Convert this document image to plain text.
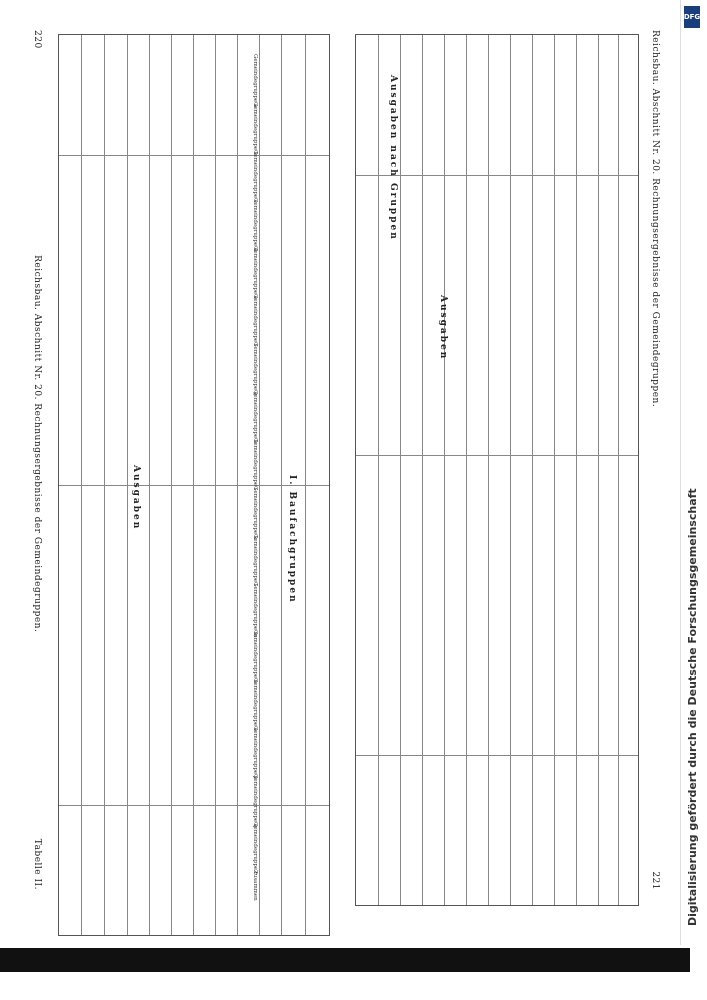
220
Reichsbau. Abschnitt Nr. 20. Rechnungsergebnisse der Gemeindegruppen.
Tabelle II.
Ausgaben	I. Baufachgruppen
Gemeindegruppe a
Gemeindegruppe b
Gemeindegruppe c
Gemeindegruppe d
Gemeindegruppe e
Gemeindegruppe f
Gemeindegruppe g
Gemeindegruppe h
Gemeindegruppe i
Gemeindegruppe k
Gemeindegruppe l
Gemeindegruppe m
Gemeindegruppe n
Gemeindegruppe o
Gemeindegruppe p
Gemeindegruppe q
Gemeindegruppe r
Zusammen
Reichsbau. Abschnitt Nr. 20. Rechnungsergebnisse der Gemeindegruppen.
221
Ausgaben
Ausgaben nach Gruppen
DFG
Digitalisierung gefördert durch die Deutsche Forschungsgemeinschaft
